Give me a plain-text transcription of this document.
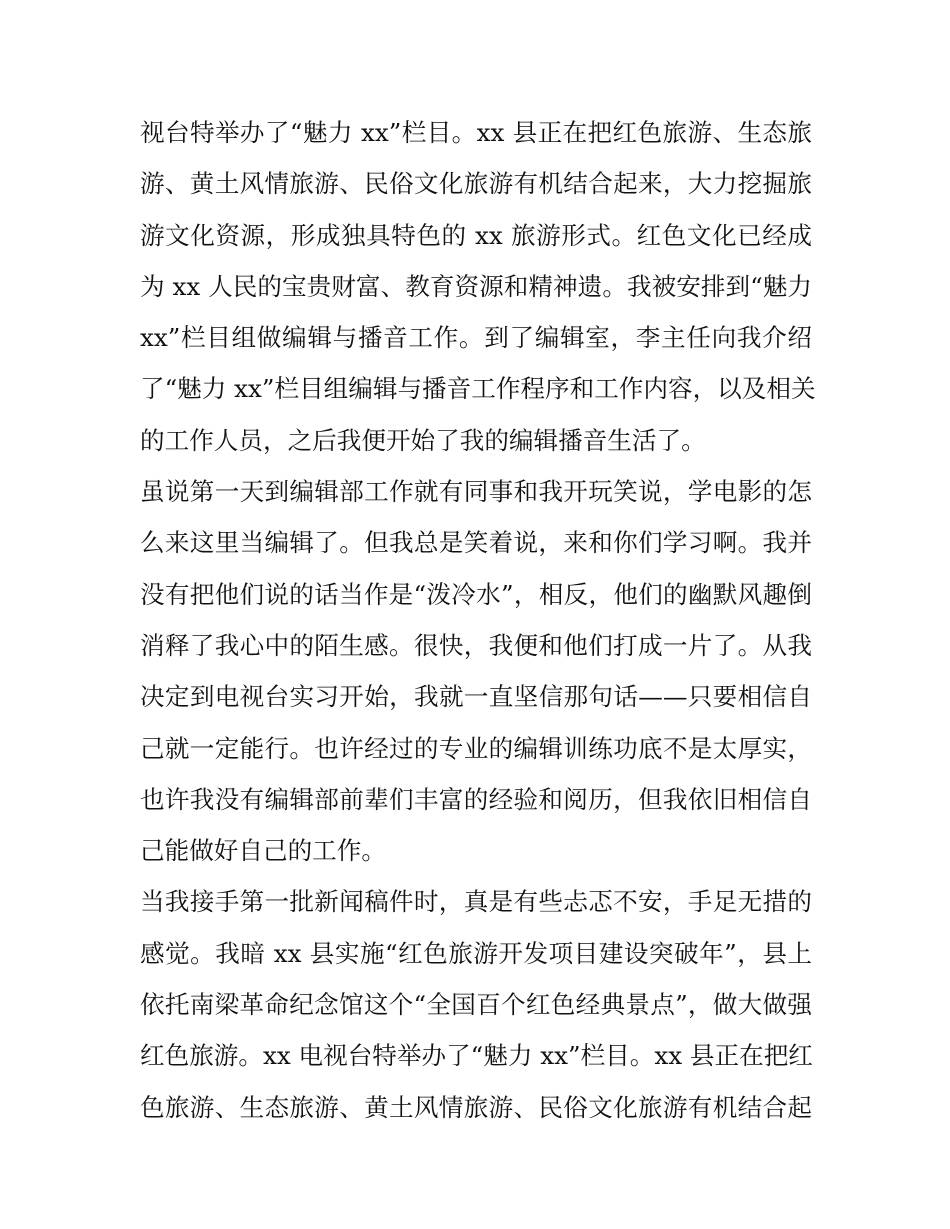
视台特举办了“魅力 xx”栏目。xx 县正在把红色旅游、生态旅
游、黄土风情旅游、民俗文化旅游有机结合起来，大力挖掘旅
游文化资源，形成独具特色的 xx 旅游形式。红色文化已经成
为 xx 人民的宝贵财富、教育资源和精神遗。我被安排到“魅力
xx”栏目组做编辑与播音工作。到了编辑室，李主任向我介绍
了“魅力 xx”栏目组编辑与播音工作程序和工作内容，以及相关
的工作人员，之后我便开始了我的编辑播音生活了。
虽说第一天到编辑部工作就有同事和我开玩笑说，学电影的怎
么来这里当编辑了。但我总是笑着说，来和你们学习啊。我并
没有把他们说的话当作是“泼冷水”，相反，他们的幽默风趣倒
消释了我心中的陌生感。很快，我便和他们打成一片了。从我
决定到电视台实习开始，我就一直坚信那句话——只要相信自
己就一定能行。也许经过的专业的编辑训练功底不是太厚实，
也许我没有编辑部前辈们丰富的经验和阅历，但我依旧相信自
己能做好自己的工作。
当我接手第一批新闻稿件时，真是有些忐忑不安，手足无措的
感觉。我暗 xx 县实施“红色旅游开发项目建设突破年”，县上
依托南梁革命纪念馆这个“全国百个红色经典景点”，做大做强
红色旅游。xx 电视台特举办了“魅力 xx”栏目。xx 县正在把红
色旅游、生态旅游、黄土风情旅游、民俗文化旅游有机结合起
